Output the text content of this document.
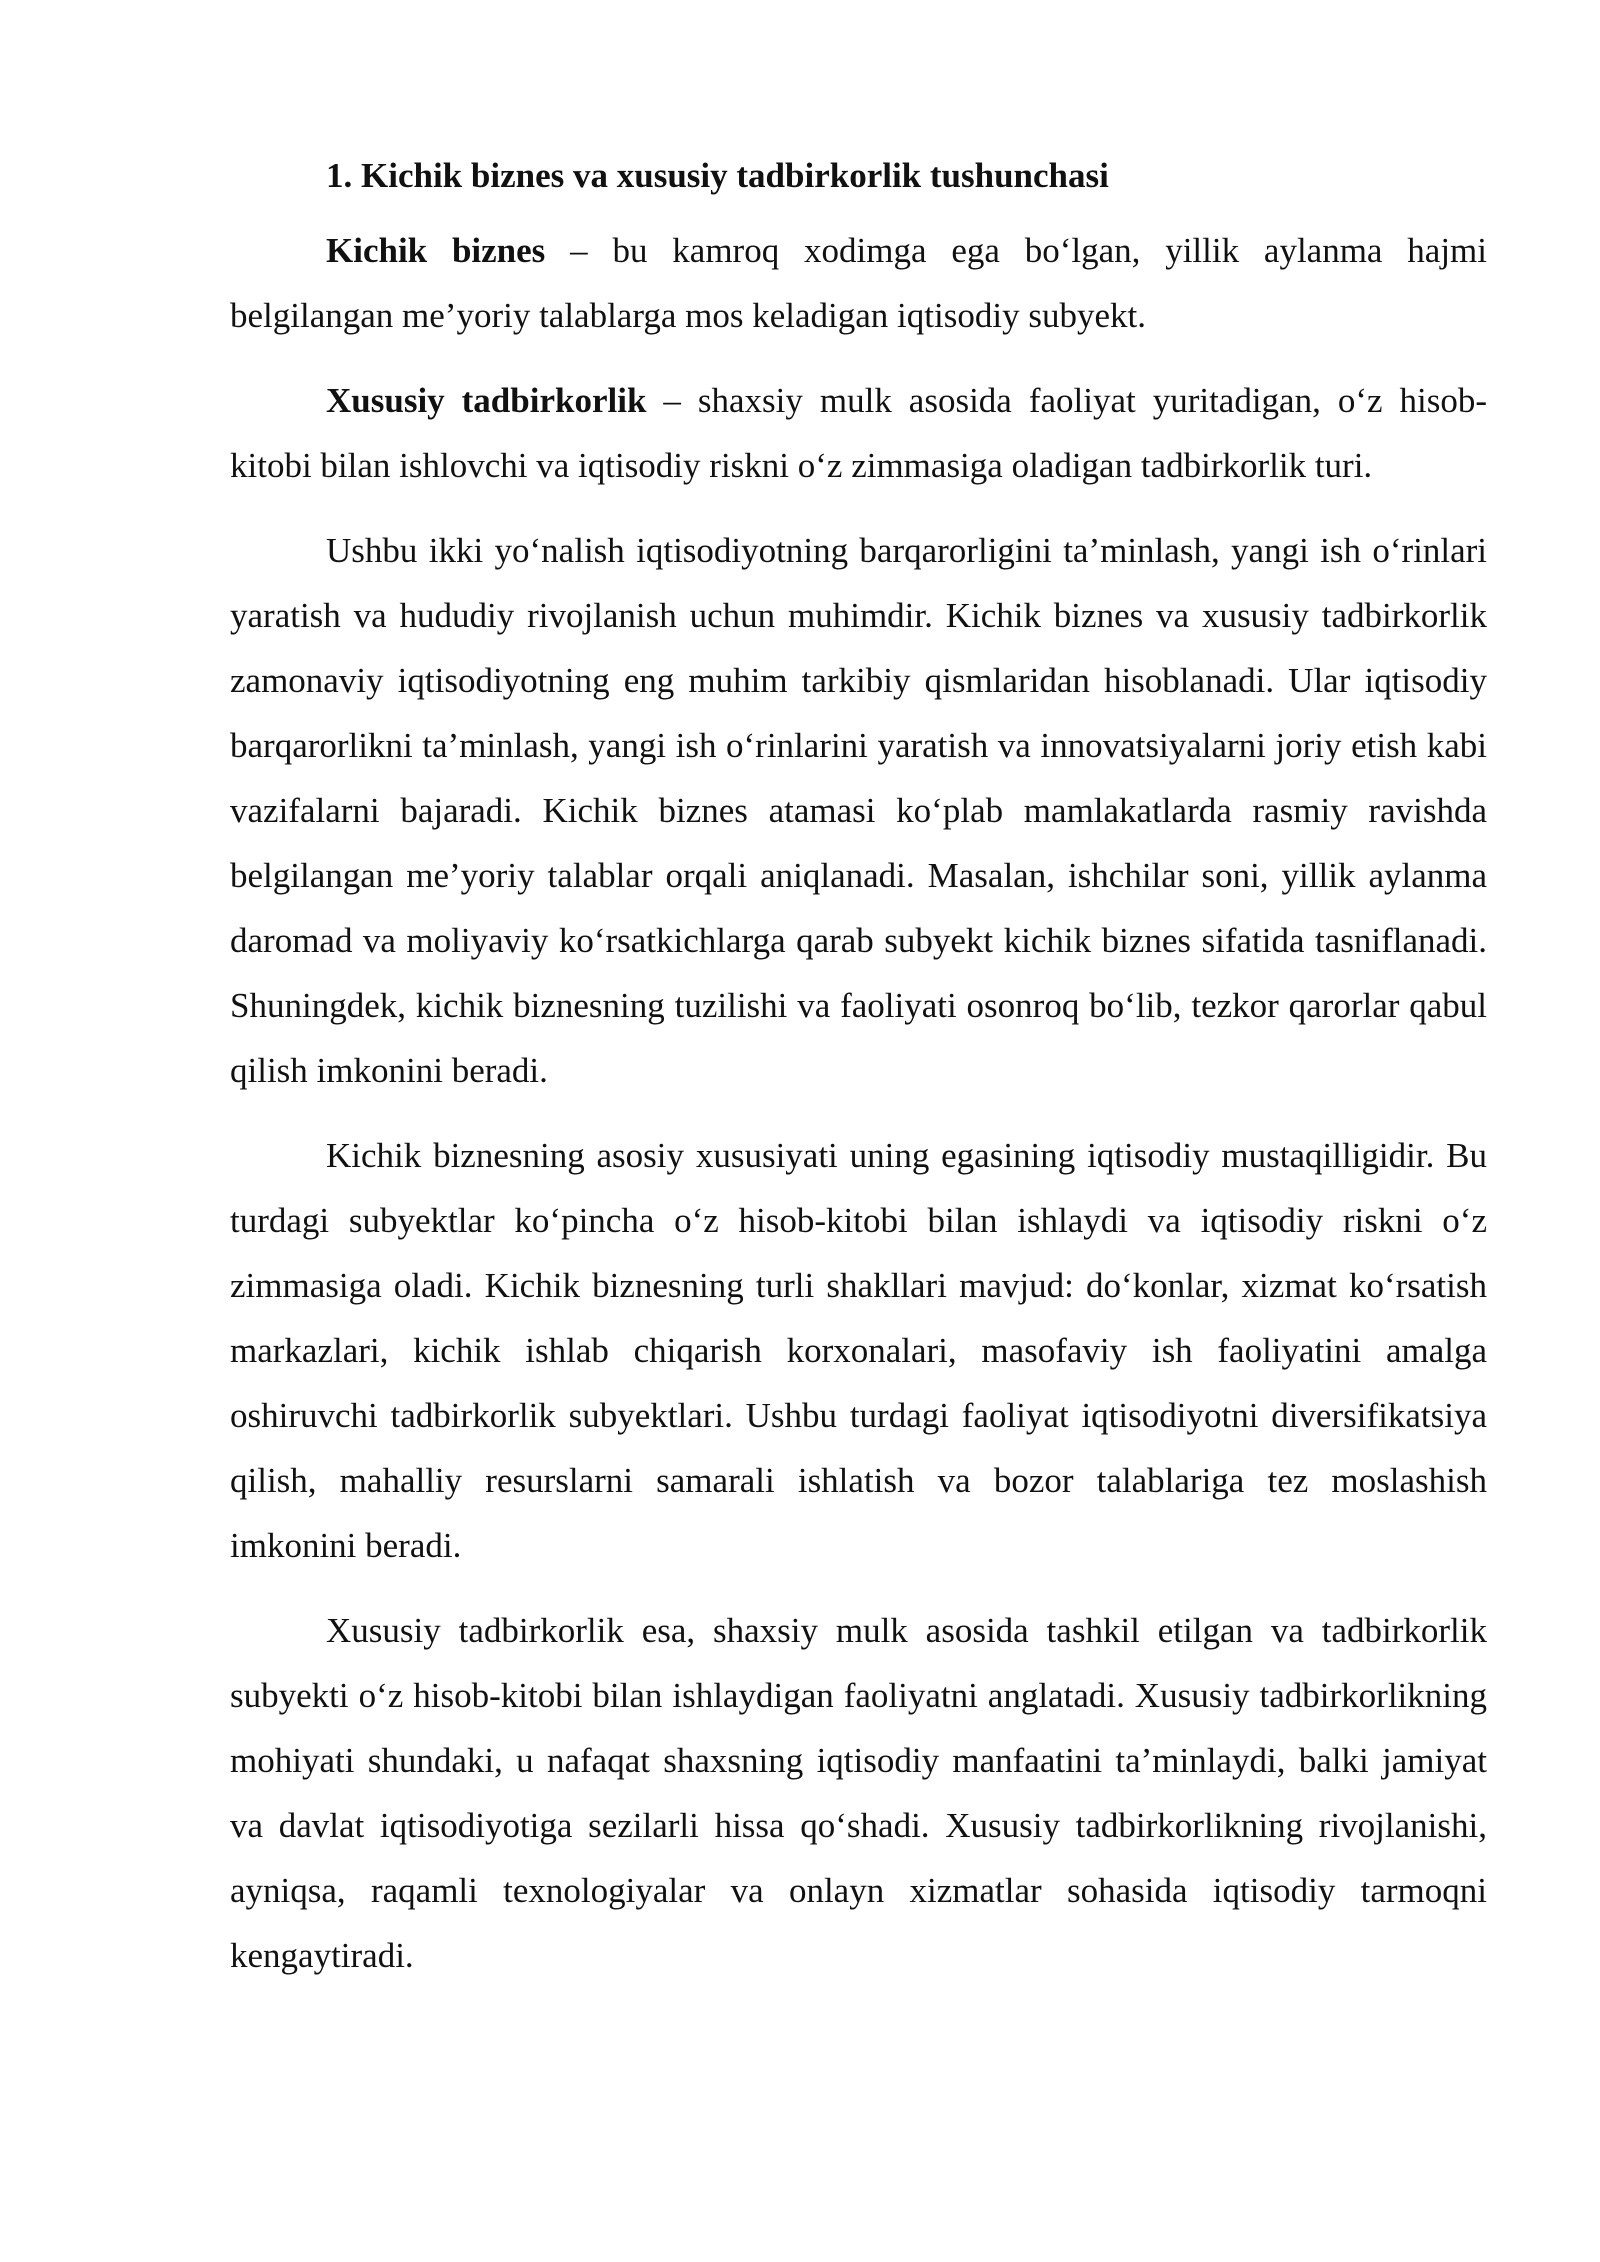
1. Kichik biznes va xususiy tadbirkorlik tushunchasi

Kichik biznes – bu kamroq xodimga ega bo‘lgan, yillik aylanma hajmi belgilangan me’yoriy talablarga mos keladigan iqtisodiy subyekt.

Xususiy tadbirkorlik – shaxsiy mulk asosida faoliyat yuritadigan, o‘z hisob-kitobi bilan ishlovchi va iqtisodiy riskni o‘z zimmasiga oladigan tadbirkorlik turi.

Ushbu ikki yo‘nalish iqtisodiyotning barqarorligini ta’minlash, yangi ish o‘rinlari yaratish va hududiy rivojlanish uchun muhimdir. Kichik biznes va xususiy tadbirkorlik zamonaviy iqtisodiyotning eng muhim tarkibiy qismlaridan hisoblanadi. Ular iqtisodiy barqarorlikni ta’minlash, yangi ish o‘rinlarini yaratish va innovatsiyalarni joriy etish kabi vazifalarni bajaradi. Kichik biznes atamasi ko‘plab mamlakatlarda rasmiy ravishda belgilangan me’yoriy talablar orqali aniqlanadi. Masalan, ishchilar soni, yillik aylanma daromad va moliyaviy ko‘rsatkichlarga qarab subyekt kichik biznes sifatida tasniflanadi. Shuningdek, kichik biznesning tuzilishi va faoliyati osonroq bo‘lib, tezkor qarorlar qabul qilish imkonini beradi.

Kichik biznesning asosiy xususiyati uning egasining iqtisodiy mustaqilligidir. Bu turdagi subyektlar ko‘pincha o‘z hisob-kitobi bilan ishlaydi va iqtisodiy riskni o‘z zimmasiga oladi. Kichik biznesning turli shakllari mavjud: do‘konlar, xizmat ko‘rsatish markazlari, kichik ishlab chiqarish korxonalari, masofaviy ish faoliyatini amalga oshiruvchi tadbirkorlik subyektlari. Ushbu turdagi faoliyat iqtisodiyotni diversifikatsiya qilish, mahalliy resurslarni samarali ishlatish va bozor talablariga tez moslashish imkonini beradi.

Xususiy tadbirkorlik esa, shaxsiy mulk asosida tashkil etilgan va tadbirkorlik subyekti o‘z hisob-kitobi bilan ishlaydigan faoliyatni anglatadi. Xususiy tadbirkorlikning mohiyati shundaki, u nafaqat shaxsning iqtisodiy manfaatini ta’minlaydi, balki jamiyat va davlat iqtisodiyotiga sezilarli hissa qo‘shadi. Xususiy tadbirkorlikning rivojlanishi, ayniqsa, raqamli texnologiyalar va onlayn xizmatlar sohasida iqtisodiy tarmoqni kengaytiradi.
